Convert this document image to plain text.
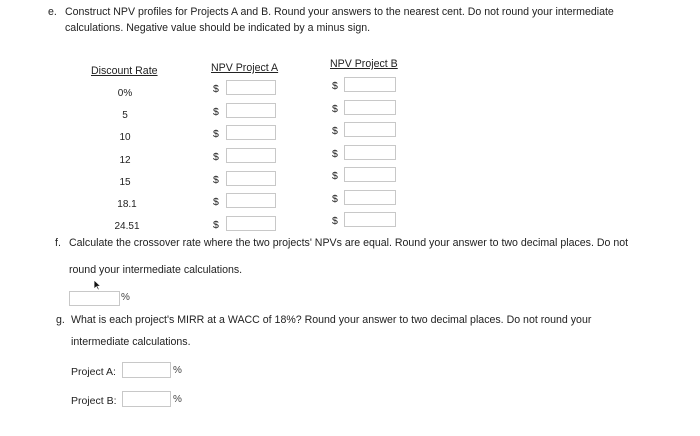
e. Construct NPV profiles for Projects A and B. Round your answers to the nearest cent. Do not round your intermediate
calculations. Negative value should be indicated by a minus sign.
Discount Rate	NPV Project A	NPV Project B
0%	$	$
5	$	$
10	$	$
12	$	$
15	$	$
18.1	$	$
24.51	$	$
f. Calculate the crossover rate where the two projects' NPVs are equal. Round your answer to two decimal places. Do not
round your intermediate calculations.
%
g. What is each project's MIRR at a WACC of 18%? Round your answer to two decimal places. Do not round your
intermediate calculations.
Project A:	%
Project B:	%
